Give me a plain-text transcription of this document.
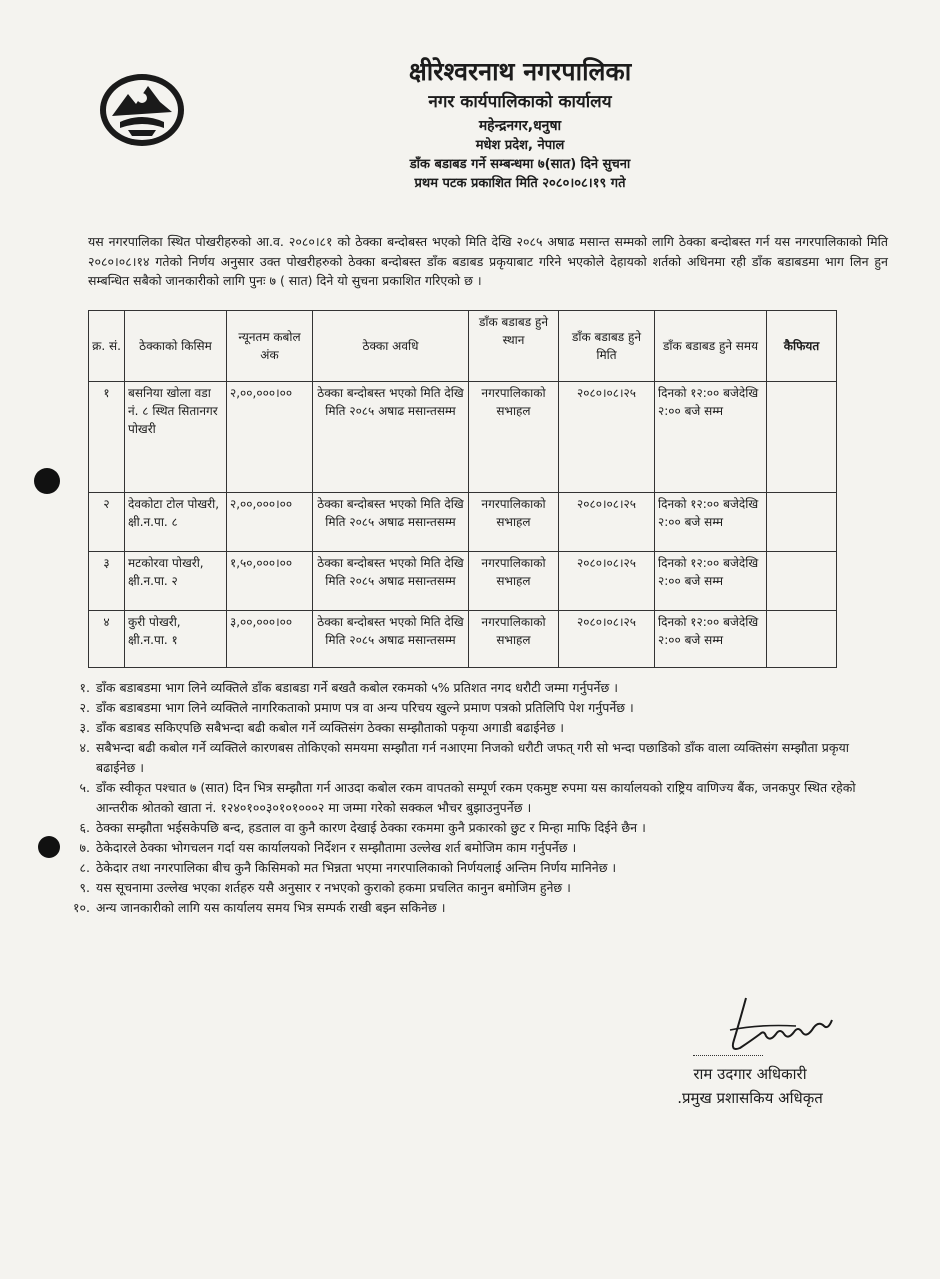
क्षीरेश्वरनाथ नगरपालिका
नगर कार्यपालिकाको कार्यालय
महेन्द्रनगर,धनुषा
मधेश प्रदेश, नेपाल
डाँक बडाबड गर्ने सम्बन्धमा ७(सात) दिने सुचना
प्रथम पटक प्रकाशित मिति २०८०।०८।१९ गते
यस नगरपालिका स्थित पोखरीहरुको आ.व. २०८०।८१ को ठेक्का बन्दोबस्त भएको मिति देखि २०८५ अषाढ मसान्त सम्मको लागि ठेक्का बन्दोबस्त गर्न यस नगरपालिकाको मिति २०८०।०८।१४ गतेको निर्णय अनुसार उक्त पोखरीहरुको ठेक्का बन्दोबस्त डाँक बडाबड प्रकृयाबाट गरिने भएकोले देहायको शर्तको अधिनमा रही डाँक बडाबडमा भाग लिन हुन सम्बन्धित सबैको जानकारीको लागि पुनः ७ ( सात) दिने यो सुचना प्रकाशित गरिएको छ ।
क्र. सं.	ठेक्काको किसिम	न्यूनतम कबोल अंक	ठेक्का अवधि	डाँक बडाबड हुने स्थान	डाँक बडाबड हुने मिति	डाँक बडाबड हुने समय	कैफियत
१	बसनिया खोला वडा नं. ८ स्थित सितानगर पोखरी	२,००,०००।००	ठेक्का बन्दोबस्त भएको मिति देखि मिति २०८५ अषाढ मसान्तसम्म	नगरपालिकाको सभाहल	२०८०।०८।२५	दिनको १२:०० बजेदेखि २:०० बजे सम्म	
२	देवकोटा टोल पोखरी, क्षी.न.पा. ८	२,००,०००।००	ठेक्का बन्दोबस्त भएको मिति देखि मिति २०८५ अषाढ मसान्तसम्म	नगरपालिकाको सभाहल	२०८०।०८।२५	दिनको १२:०० बजेदेखि २:०० बजे सम्म	
३	मटकोरवा पोखरी, क्षी.न.पा. २	१,५०,०००।००	ठेक्का बन्दोबस्त भएको मिति देखि मिति २०८५ अषाढ मसान्तसम्म	नगरपालिकाको सभाहल	२०८०।०८।२५	दिनको १२:०० बजेदेखि २:०० बजे सम्म	
४	कुरी पोखरी, क्षी.न.पा. १	३,००,०००।००	ठेक्का बन्दोबस्त भएको मिति देखि मिति २०८५ अषाढ मसान्तसम्म	नगरपालिकाको सभाहल	२०८०।०८।२५	दिनको १२:०० बजेदेखि २:०० बजे सम्म	
१. डाँक बडाबडमा भाग लिने व्यक्तिले डाँक बडाबडा गर्ने बखतै कबोल रकमको ५% प्रतिशत नगद धरौटी जम्मा गर्नुपर्नेछ ।
२. डाँक बडाबडमा भाग लिने व्यक्तिले नागरिकताको प्रमाण पत्र वा अन्य परिचय खुल्ने प्रमाण पत्रको प्रतिलिपि पेश गर्नुपर्नेछ ।
३. डाँक बडाबड सकिएपछि सबैभन्दा बढी कबोल गर्ने व्यक्तिसंग ठेक्का सम्झौताको पकृया अगाडी बढाईनेछ ।
४. सबैभन्दा बढी कबोल गर्ने व्यक्तिले कारणबस तोकिएको समयमा सम्झौता गर्न नआएमा निजको धरौटी जफत् गरी सो भन्दा पछाडिको डाँक वाला व्यक्तिसंग सम्झौता प्रकृया बढाईनेछ ।
५. डाँक स्वीकृत पश्चात ७ (सात) दिन भित्र सम्झौता गर्न आउदा कबोल रकम वापतको सम्पूर्ण रकम एकमुष्ट रुपमा यस कार्यालयको राष्ट्रिय वाणिज्य बैंक, जनकपुर स्थित रहेको आन्तरीक श्रोतको खाता नं. १२४०१००३०१०१०००२ मा जम्मा गरेको सक्कल भौचर बुझाउनुपर्नेछ ।
६. ठेक्का सम्झौता भईसकेपछि बन्द, हडताल वा कुनै कारण देखाई ठेक्का रकममा कुनै प्रकारको छुट र मिन्हा माफि दिईने छैन ।
७. ठेकेदारले ठेक्का भोगचलन गर्दा यस कार्यालयको निर्देशन र सम्झौतामा उल्लेख शर्त बमोजिम काम गर्नुपर्नेछ ।
८. ठेकेदार तथा नगरपालिका बीच कुनै किसिमको मत भिन्नता भएमा नगरपालिकाको निर्णयलाई अन्तिम निर्णय मानिनेछ ।
९. यस सूचनामा उल्लेख भएका शर्तहरु यसै अनुसार र नभएको कुराको हकमा प्रचलित कानुन बमोजिम हुनेछ ।
१०. अन्य जानकारीको लागि यस कार्यालय समय भित्र सम्पर्क राखी बझ्न सकिनेछ ।
राम उदगार अधिकारी
.प्रमुख प्रशासकिय अधिकृत
